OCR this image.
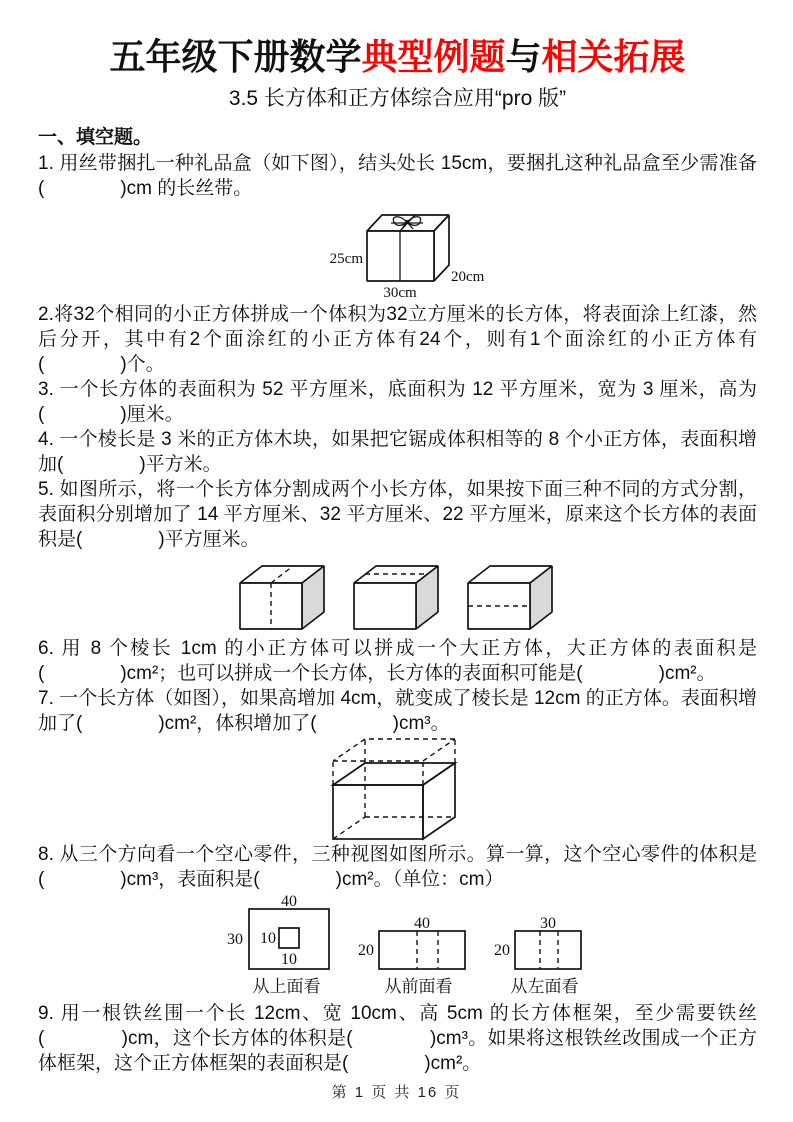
五年级下册数学典型例题与相关拓展
3.5 长方体和正方体综合应用“pro 版”
一、填空题。

1. 用丝带捆扎一种礼品盒（如下图），结头处长 15cm，要捆扎这种礼品盒至少需准备(　　　　)cm 的长丝带。

25cm
30cm
20cm

2.将32个相同的小正方体拼成一个体积为32立方厘米的长方体，将表面涂上红漆，然后分开，其中有2个面涂红的小正方体有24个，则有1个面涂红的小正方体有(　　　　)个。

3. 一个长方体的表面积为 52 平方厘米，底面积为 12 平方厘米，宽为 3 厘米，高为(　　　　)厘米。

4. 一个棱长是 3 米的正方体木块，如果把它锯成体积相等的 8 个小正方体，表面积增加(　　　　)平方米。

5. 如图所示，将一个长方体分割成两个小长方体，如果按下面三种不同的方式分割，表面积分别增加了 14 平方厘米、32 平方厘米、22 平方厘米，原来这个长方体的表面积是(　　　　)平方厘米。

6. 用 8 个棱长 1cm 的小正方体可以拼成一个大正方体，大正方体的表面积是(　　　　)cm²；也可以拼成一个长方体，长方体的表面积可能是(　　　　)cm²。

7. 一个长方体（如图），如果高增加 4cm，就变成了棱长是 12cm 的正方体。表面积增加了(　　　　)cm²，体积增加了(　　　　)cm³。

8. 从三个方向看一个空心零件，三种视图如图所示。算一算，这个空心零件的体积是(　　　　)cm³，表面积是(　　　　)cm²。（单位：cm）

40
30 10
10
从上面看
40
20
从前面看
30
20
从左面看

9. 用一根铁丝围一个长 12cm、宽 10cm、高 5cm 的长方体框架，至少需要铁丝(　　　　)cm，这个长方体的体积是(　　　　)cm³。如果将这根铁丝改围成一个正方体框架，这个正方体框架的表面积是(　　　　)cm²。

第 1 页 共 16 页
